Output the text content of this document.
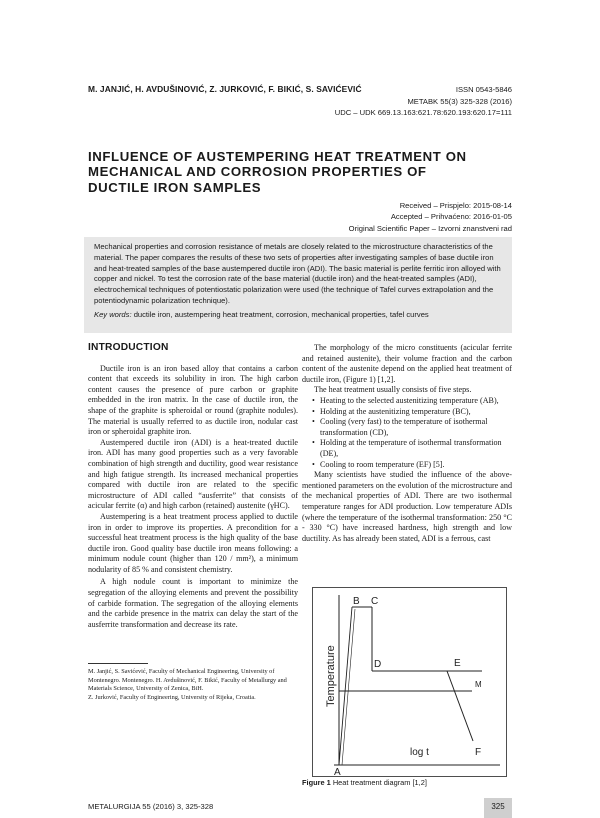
M. JANJIĆ, H. AVDUŠINOVIĆ, Z. JURKOVIĆ, F. BIKIĆ, S. SAVIĆEVIĆ	ISSN 0543-5846
METABK 55(3) 325-328 (2016)
UDC – UDK 669.13.163:621.78:620.193:620.17=111
INFLUENCE OF AUSTEMPERING HEAT TREATMENT ON MECHANICAL AND CORROSION PROPERTIES OF DUCTILE IRON SAMPLES
Received – Prispjelo: 2015-08-14
Accepted – Prihvaćeno: 2016-01-05
Original Scientific Paper – Izvorni znanstveni rad

Mechanical properties and corrosion resistance of metals are closely related to the microstructure characteristics of the material. The paper compares the results of these two sets of properties after investigating samples of base ductile iron and heat-treated samples of the base austempered ductile iron (ADI). The basic material is perlite ferritic iron alloyed with copper and nickel. To test the corrosion rate of the base material (ductile iron) and the heat-treated samples (ADI), electrochemical techniques of potentiostatic polarization were used (the technique of Tafel curves extrapolation and the potentiodynamic polarization technique).

Key words: ductile iron, austempering heat treatment, corrosion, mechanical properties, tafel curves

INTRODUCTION

Ductile iron is an iron based alloy that contains a carbon content that exceeds its solubility in iron. The high carbon content causes the presence of pure carbon or graphite embedded in the iron matrix. In the case of ductile iron, the shape of the graphite is spheroidal or round (graphite nodules). The material is usually referred to as ductile iron, nodular cast iron or spheroidal graphite iron.

Austempered ductile iron (ADI) is a heat-treated ductile iron. ADI has many good properties such as a very favorable combination of high strength and ductility, good wear resistance and high fatigue strength. Its increased mechanical properties compared with ductile iron are related to the specific microstructure of ADI called “ausferrite” that consists of acicular ferrite (α) and high carbon (retained) austenite (γHC).

Austempering is a heat treatment process applied to ductile iron in order to improve its properties. A precondition for a successful heat treatment process is the high quality of the base ductile iron. Good quality base ductile iron means following: a minimum nodule count (higher than 120 / mm²), a minimum nodularity of 85 % and consistent chemistry.

A high nodule count is important to minimize the segregation of the alloying elements and prevent the possibility of carbide formation. The segregation of the alloying elements and the carbide presence in the matrix can delay the start of the ausferrite transformation and decrease its rate.

The morphology of the micro constituents (acicular ferrite and retained austenite), their volume fraction and the carbon content of the austenite depend on the applied heat treatment of ductile iron, (Figure 1) [1,2].

The heat treatment usually consists of five steps.

• Heating to the selected austenitizing temperature (AB),
• Holding at the austenitizing temperature (BC),
• Cooling (very fast) to the temperature of isothermal transformation (CD),
• Holding at the temperature of isothermal transformation (DE),
• Cooling to room temperature (EF) [5].

Many scientists have studied the influence of the above-mentioned parameters on the evolution of the microstructure and the mechanical properties of ADI. There are two isothermal temperature ranges for ADI production. Low temperature ADIs (where the temperature of the isothermal transformation: 250 °C - 330 °C) have increased hardness, high strength and low ductility. As has already been stated, ADI is a ferrous, cast

M. Janjić, S. Savićević, Faculty of Mechanical Engineering, University of Montenegro. Montenegro. H. Avdušinović, F. Bikić, Faculty of Metallurgy and Materials Science, University of Zenica, BiH.

Z. Jurković, Faculty of Engineering, University of Rijeka, Croatia.	Temperature
log t
A
B C
D	E
M
F
Figure 1 Heat treatment diagram [1,2]
METALURGIJA 55 (2016) 3, 325-328	325
